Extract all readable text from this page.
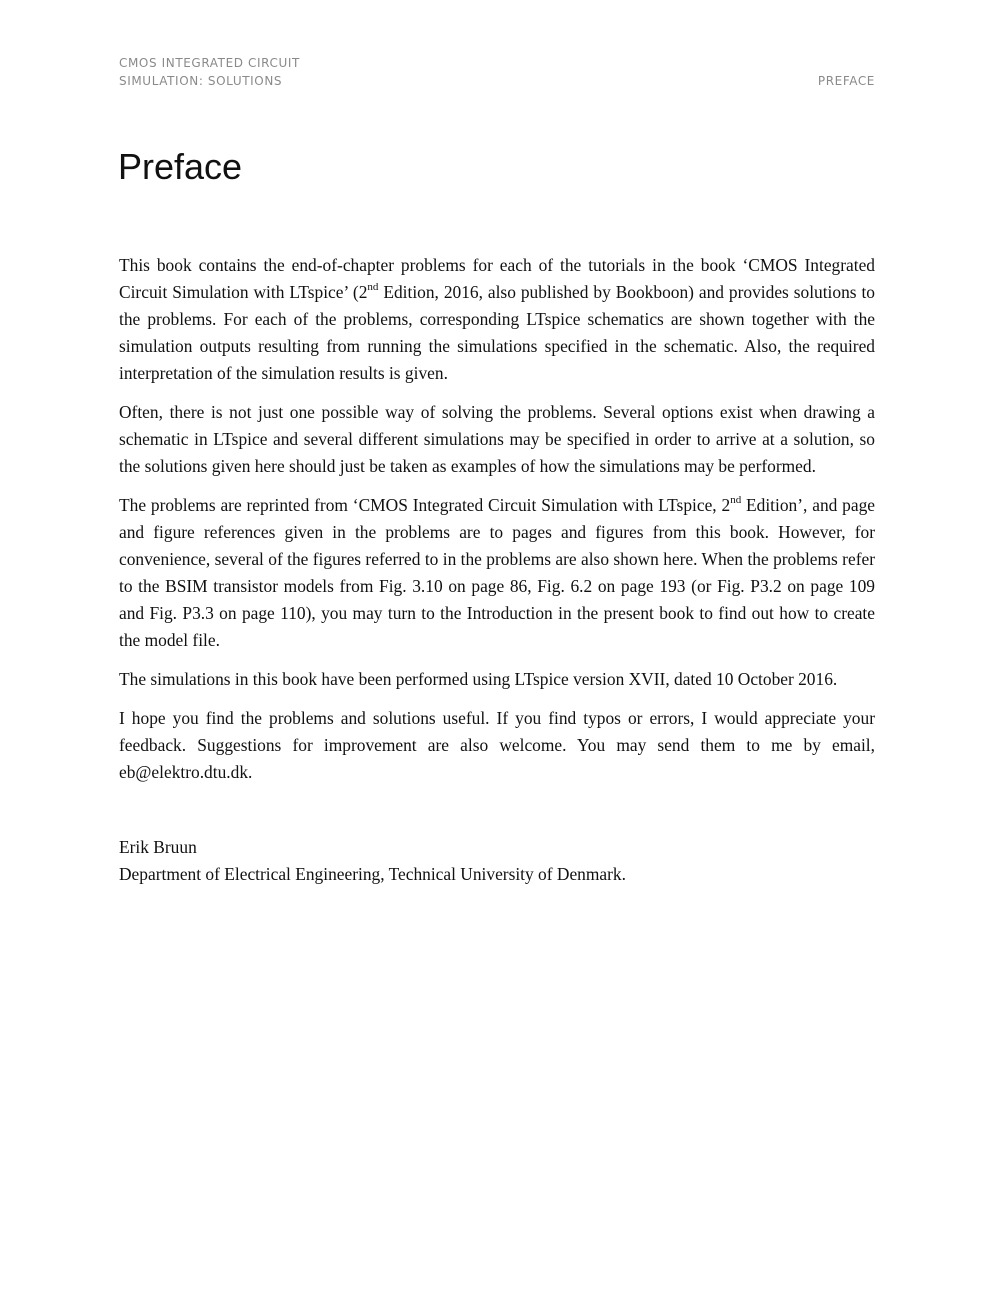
CMOS INTEGRATED CIRCUIT
SIMULATION: SOLUTIONS	PREFACE
Preface

This book contains the end-of-chapter problems for each of the tutorials in the book ‘CMOS Integrated Circuit Simulation with LTspice’ (2nd Edition, 2016, also published by Bookboon) and provides solutions to the problems. For each of the problems, corresponding LTspice schematics are shown together with the simulation outputs resulting from running the simulations specified in the schematic. Also, the required interpretation of the simulation results is given.

Often, there is not just one possible way of solving the problems. Several options exist when drawing a schematic in LTspice and several different simulations may be specified in order to arrive at a solution, so the solutions given here should just be taken as examples of how the simulations may be performed.

The problems are reprinted from ‘CMOS Integrated Circuit Simulation with LTspice, 2nd Edition’, and page and figure references given in the problems are to pages and figures from this book. However, for convenience, several of the figures referred to in the problems are also shown here. When the problems refer to the BSIM transistor models from Fig. 3.10 on page 86, Fig. 6.2 on page 193 (or Fig. P3.2 on page 109 and Fig. P3.3 on page 110), you may turn to the Introduction in the present book to find out how to create the model file.

The simulations in this book have been performed using LTspice version XVII, dated 10 October 2016.

I hope you find the problems and solutions useful. If you find typos or errors, I would appreciate your feedback. Suggestions for improvement are also welcome. You may send them to me by email, eb@elektro.dtu.dk.

Erik Bruun
Department of Electrical Engineering, Technical University of Denmark.
